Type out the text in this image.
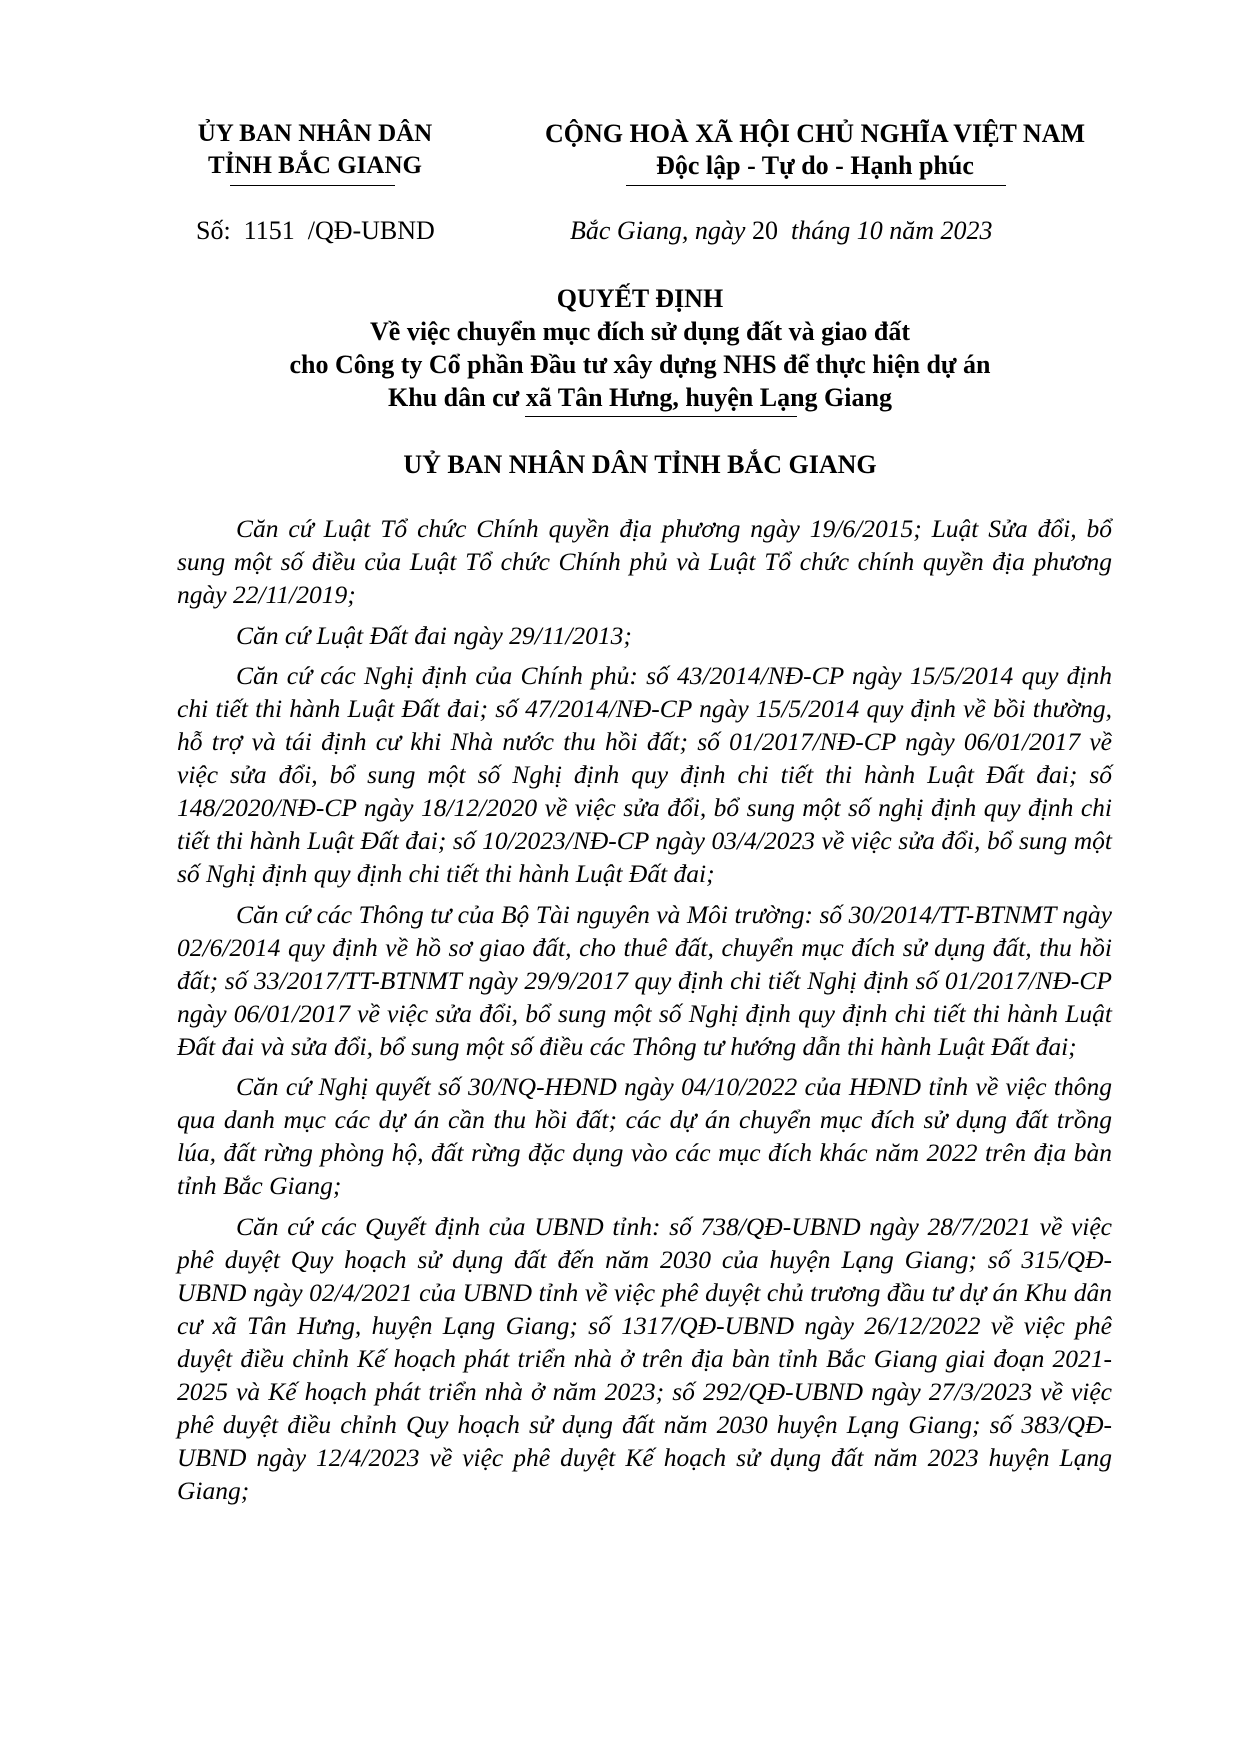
ỦY BAN NHÂN DÂN
TỈNH BẮC GIANG
CỘNG HOÀ XÃ HỘI CHỦ NGHĨA VIỆT NAM
Độc lập - Tự do - Hạnh phúc
Số:  1151  /QĐ-UBND	Bắc Giang, ngày 20  tháng 10 năm 2023
QUYẾT ĐỊNH
Về việc chuyển mục đích sử dụng đất và giao đất
cho Công ty Cổ phần Đầu tư xây dựng NHS để thực hiện dự án
Khu dân cư xã Tân Hưng, huyện Lạng Giang
UỶ BAN NHÂN DÂN TỈNH BẮC GIANG

Căn cứ Luật Tổ chức Chính quyền địa phương ngày 19/6/2015; Luật Sửa đổi, bổ sung một số điều của Luật Tổ chức Chính phủ và Luật Tổ chức chính quyền địa phương ngày 22/11/2019;

Căn cứ Luật Đất đai ngày 29/11/2013;

Căn cứ các Nghị định của Chính phủ: số 43/2014/NĐ-CP ngày 15/5/2014 quy định chi tiết thi hành Luật Đất đai; số 47/2014/NĐ-CP ngày 15/5/2014 quy định về bồi thường, hỗ trợ và tái định cư khi Nhà nước thu hồi đất; số 01/2017/NĐ-CP ngày 06/01/2017 về việc sửa đổi, bổ sung một số Nghị định quy định chi tiết thi hành Luật Đất đai; số 148/2020/NĐ-CP ngày 18/12/2020 về việc sửa đổi, bổ sung một số nghị định quy định chi tiết thi hành Luật Đất đai; số 10/2023/NĐ-CP ngày 03/4/2023 về việc sửa đổi, bổ sung một số Nghị định quy định chi tiết thi hành Luật Đất đai;

Căn cứ các Thông tư của Bộ Tài nguyên và Môi trường: số 30/2014/TT-BTNMT ngày 02/6/2014 quy định về hồ sơ giao đất, cho thuê đất, chuyển mục đích sử dụng đất, thu hồi đất; số 33/2017/TT-BTNMT ngày 29/9/2017 quy định chi tiết Nghị định số 01/2017/NĐ-CP ngày 06/01/2017 về việc sửa đổi, bổ sung một số Nghị định quy định chi tiết thi hành Luật Đất đai và sửa đổi, bổ sung một số điều các Thông tư hướng dẫn thi hành Luật Đất đai;

Căn cứ Nghị quyết số 30/NQ-HĐND ngày 04/10/2022 của HĐND tỉnh về việc thông qua danh mục các dự án cần thu hồi đất; các dự án chuyển mục đích sử dụng đất trồng lúa, đất rừng phòng hộ, đất rừng đặc dụng vào các mục đích khác năm 2022 trên địa bàn tỉnh Bắc Giang;

Căn cứ các Quyết định của UBND tỉnh: số 738/QĐ-UBND ngày 28/7/2021 về việc phê duyệt Quy hoạch sử dụng đất đến năm 2030 của huyện Lạng Giang; số 315/QĐ-UBND ngày 02/4/2021 của UBND tỉnh về việc phê duyệt chủ trương đầu tư dự án Khu dân cư xã Tân Hưng, huyện Lạng Giang; số 1317/QĐ-UBND ngày 26/12/2022 về việc phê duyệt điều chỉnh Kế hoạch phát triển nhà ở trên địa bàn tỉnh Bắc Giang giai đoạn 2021-2025 và Kế hoạch phát triển nhà ở năm 2023; số 292/QĐ-UBND ngày 27/3/2023 về việc phê duyệt điều chỉnh Quy hoạch sử dụng đất năm 2030 huyện Lạng Giang; số 383/QĐ-UBND ngày 12/4/2023 về việc phê duyệt Kế hoạch sử dụng đất năm 2023 huyện Lạng Giang;
